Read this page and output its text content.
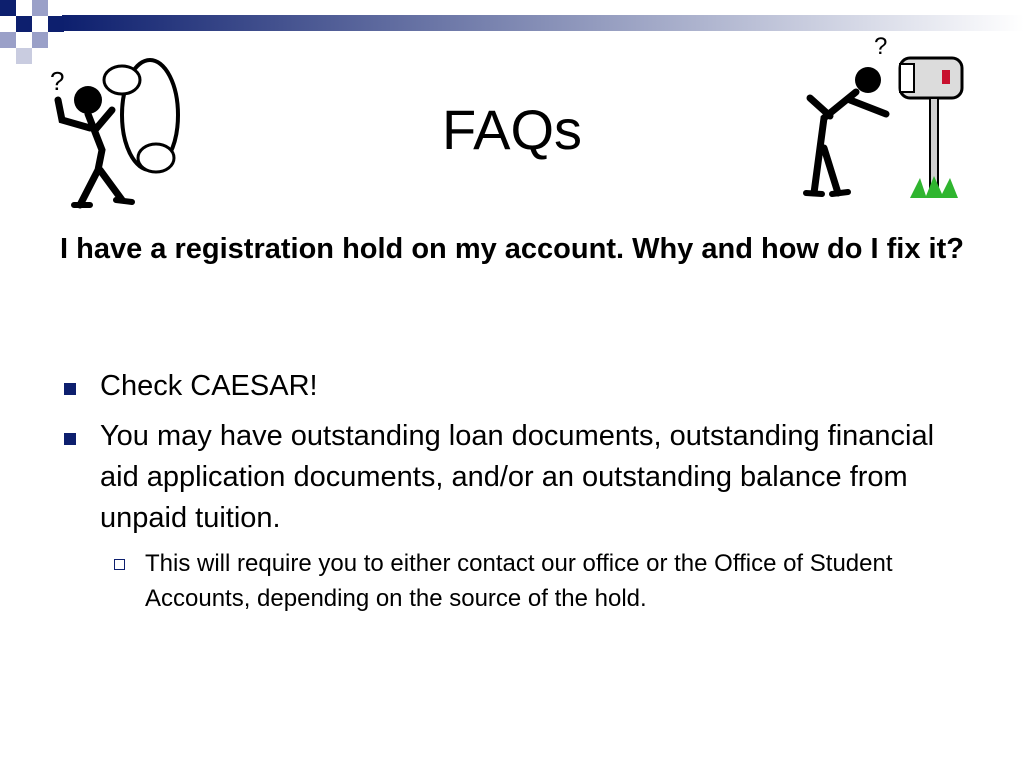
?
?
FAQs

I have a registration hold on my account. Why and how do I fix it?

Check CAESAR!
You may have outstanding loan documents, outstanding financial aid application documents, and/or an outstanding balance from unpaid tuition.
This will require you to either contact our office or the Office of Student Accounts, depending on the source of the hold.
